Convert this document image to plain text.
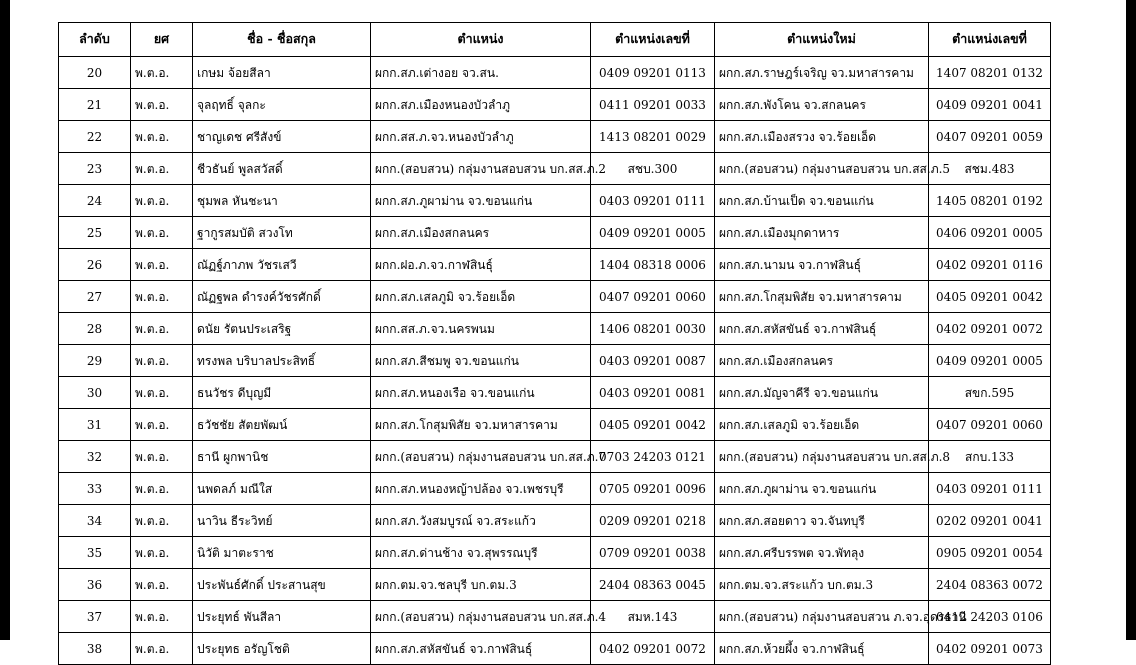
ลำดับ	ยศ	ชื่อ - ชื่อสกุล	ตำแหน่ง	ตำแหน่งเลขที่	ตำแหน่งใหม่	ตำแหน่งเลขที่
20	พ.ต.อ.	เกษม จ้อยสีลา	ผกก.สภ.เต่างอย จว.สน.	0409 09201 0113	ผกก.สภ.ราษฎร์เจริญ จว.มหาสารคาม	1407 08201 0132
21	พ.ต.อ.	จุลฤทธิ์ จุลกะ	ผกก.สภ.เมืองหนองบัวลำภู	0411 09201 0033	ผกก.สภ.พังโคน จว.สกลนคร	0409 09201 0041
22	พ.ต.อ.	ชาญเดช ศรีสังข์	ผกก.สส.ภ.จว.หนองบัวลำภู	1413 08201 0029	ผกก.สภ.เมืองสรวง จว.ร้อยเอ็ด	0407 09201 0059
23	พ.ต.อ.	ชีวธันย์ พูลสวัสดิ์	ผกก.(สอบสวน) กลุ่มงานสอบสวน บก.สส.ภ.2	สชบ.300	ผกก.(สอบสวน) กลุ่มงานสอบสวน บก.สส.ภ.5	สชม.483
24	พ.ต.อ.	ชุมพล หันชะนา	ผกก.สภ.ภูผาม่าน จว.ขอนแก่น	0403 09201 0111	ผกก.สภ.บ้านเป็ด จว.ขอนแก่น	1405 08201 0192
25	พ.ต.อ.	ฐากูรสมบัติ สวงโท	ผกก.สภ.เมืองสกลนคร	0409 09201 0005	ผกก.สภ.เมืองมุกดาหาร	0406 09201 0005
26	พ.ต.อ.	ณัฏฐ์ภาภพ วัชรเสวี	ผกก.ฝอ.ภ.จว.กาฬสินธุ์	1404 08318 0006	ผกก.สภ.นามน จว.กาฬสินธุ์	0402 09201 0116
27	พ.ต.อ.	ณัฏฐพล ดำรงค์วัชรศักดิ์	ผกก.สภ.เสลภูมิ จว.ร้อยเอ็ด	0407 09201 0060	ผกก.สภ.โกสุมพิสัย จว.มหาสารคาม	0405 09201 0042
28	พ.ต.อ.	ดนัย รัตนประเสริฐ	ผกก.สส.ภ.จว.นครพนม	1406 08201 0030	ผกก.สภ.สหัสขันธ์ จว.กาฬสินธุ์	0402 09201 0072
29	พ.ต.อ.	ทรงพล บริบาลประสิทธิ์	ผกก.สภ.สีชมพู จว.ขอนแก่น	0403 09201 0087	ผกก.สภ.เมืองสกลนคร	0409 09201 0005
30	พ.ต.อ.	ธนวัชร ดีบุญมี	ผกก.สภ.หนองเรือ จว.ขอนแก่น	0403 09201 0081	ผกก.สภ.มัญจาคีรี จว.ขอนแก่น	สขก.595
31	พ.ต.อ.	ธวัชชัย สัตยพัฒน์	ผกก.สภ.โกสุมพิสัย จว.มหาสารคาม	0405 09201 0042	ผกก.สภ.เสลภูมิ จว.ร้อยเอ็ด	0407 09201 0060
32	พ.ต.อ.	ธานี ผูกพานิช	ผกก.(สอบสวน) กลุ่มงานสอบสวน บก.สส.ภ.7	0703 24203 0121	ผกก.(สอบสวน) กลุ่มงานสอบสวน บก.สส.ภ.8	สกบ.133
33	พ.ต.อ.	นพดลภ์ มณีใส	ผกก.สภ.หนองหญ้าปล้อง จว.เพชรบุรี	0705 09201 0096	ผกก.สภ.ภูผาม่าน จว.ขอนแก่น	0403 09201 0111
34	พ.ต.อ.	นาวิน ธีระวิทย์	ผกก.สภ.วังสมบูรณ์ จว.สระแก้ว	0209 09201 0218	ผกก.สภ.สอยดาว จว.จันทบุรี	0202 09201 0041
35	พ.ต.อ.	นิวัติ มาตะราช	ผกก.สภ.ด่านช้าง จว.สุพรรณบุรี	0709 09201 0038	ผกก.สภ.ศรีบรรพต จว.พัทลุง	0905 09201 0054
36	พ.ต.อ.	ประพันธ์ศักดิ์ ประสานสุข	ผกก.ตม.จว.ชลบุรี บก.ตม.3	2404 08363 0045	ผกก.ตม.จว.สระแก้ว บก.ตม.3	2404 08363 0072
37	พ.ต.อ.	ประยุทธ์ พันสีลา	ผกก.(สอบสวน) กลุ่มงานสอบสวน บก.สส.ภ.4	สมห.143	ผกก.(สอบสวน) กลุ่มงานสอบสวน ภ.จว.อุดรธานี	0412 24203 0106
38	พ.ต.อ.	ประยุทธ อรัญโชติ	ผกก.สภ.สหัสขันธ์ จว.กาฬสินธุ์	0402 09201 0072	ผกก.สภ.ห้วยผึ้ง จว.กาฬสินธุ์	0402 09201 0073
